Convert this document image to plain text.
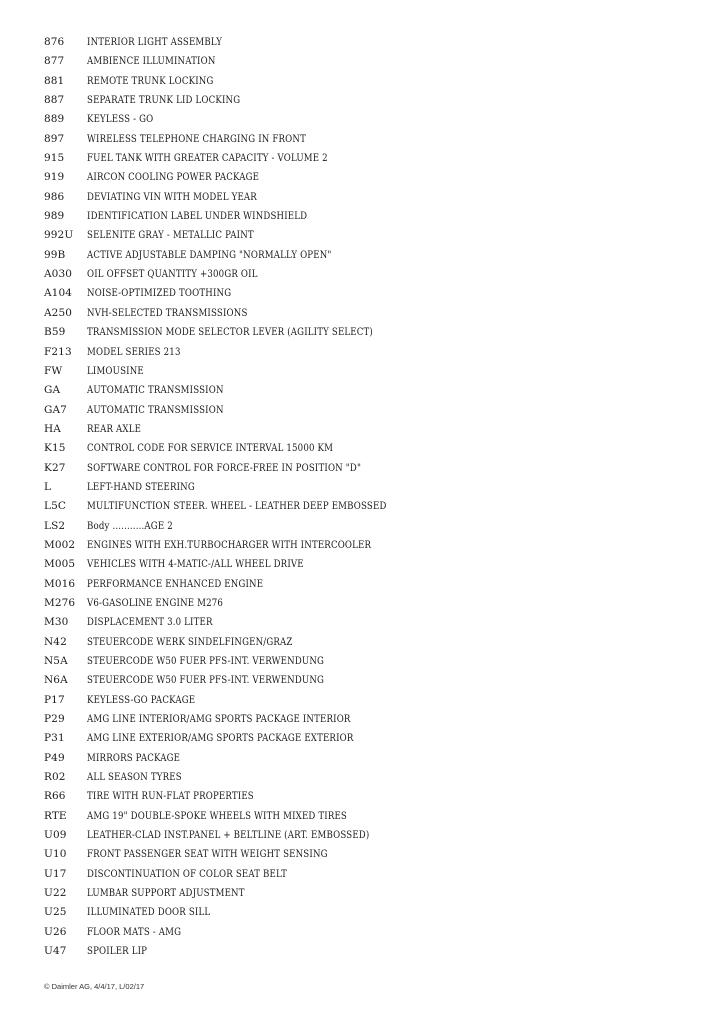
876	INTERIOR LIGHT ASSEMBLY
877	AMBIENCE ILLUMINATION
881	REMOTE TRUNK LOCKING
887	SEPARATE TRUNK LID LOCKING
889	KEYLESS - GO
897	WIRELESS TELEPHONE CHARGING IN FRONT
915	FUEL TANK WITH GREATER CAPACITY - VOLUME 2
919	AIRCON COOLING POWER PACKAGE
986	DEVIATING VIN WITH MODEL YEAR
989	IDENTIFICATION LABEL UNDER WINDSHIELD
992U	SELENITE GRAY - METALLIC PAINT
99B	ACTIVE ADJUSTABLE DAMPING "NORMALLY OPEN"
A030	OIL OFFSET QUANTITY +300GR OIL
A104	NOISE-OPTIMIZED TOOTHING
A250	NVH-SELECTED TRANSMISSIONS
B59	TRANSMISSION MODE SELECTOR LEVER (AGILITY SELECT)
F213	MODEL SERIES 213
FW	LIMOUSINE
GA	AUTOMATIC TRANSMISSION
GA7	AUTOMATIC TRANSMISSION
HA	REAR AXLE
K15	CONTROL CODE FOR SERVICE INTERVAL 15000 KM
K27	SOFTWARE CONTROL FOR FORCE-FREE IN POSITION "D"
L	LEFT-HAND STEERING
L5C	MULTIFUNCTION STEER. WHEEL - LEATHER DEEP EMBOSSED
LS2	Body ...........AGE 2
M002	ENGINES WITH EXH.TURBOCHARGER WITH INTERCOOLER
M005	VEHICLES WITH 4-MATIC-/ALL WHEEL DRIVE
M016	PERFORMANCE ENHANCED ENGINE
M276	V6-GASOLINE ENGINE M276
M30	DISPLACEMENT 3.0 LITER
N42	STEUERCODE WERK SINDELFINGEN/GRAZ
N5A	STEUERCODE W50 FUER PFS-INT. VERWENDUNG
N6A	STEUERCODE W50 FUER PFS-INT. VERWENDUNG
P17	KEYLESS-GO PACKAGE
P29	AMG LINE INTERIOR/AMG SPORTS PACKAGE INTERIOR
P31	AMG LINE EXTERIOR/AMG SPORTS PACKAGE EXTERIOR
P49	MIRRORS PACKAGE
R02	ALL SEASON TYRES
R66	TIRE WITH RUN-FLAT PROPERTIES
RTE	AMG 19" DOUBLE-SPOKE WHEELS WITH MIXED TIRES
U09	LEATHER-CLAD INST.PANEL + BELTLINE (ART. EMBOSSED)
U10	FRONT PASSENGER SEAT WITH WEIGHT SENSING
U17	DISCONTINUATION OF COLOR SEAT BELT
U22	LUMBAR SUPPORT ADJUSTMENT
U25	ILLUMINATED DOOR SILL
U26	FLOOR MATS - AMG
U47	SPOILER LIP
© Daimler AG, 4/4/17, L/02/17
